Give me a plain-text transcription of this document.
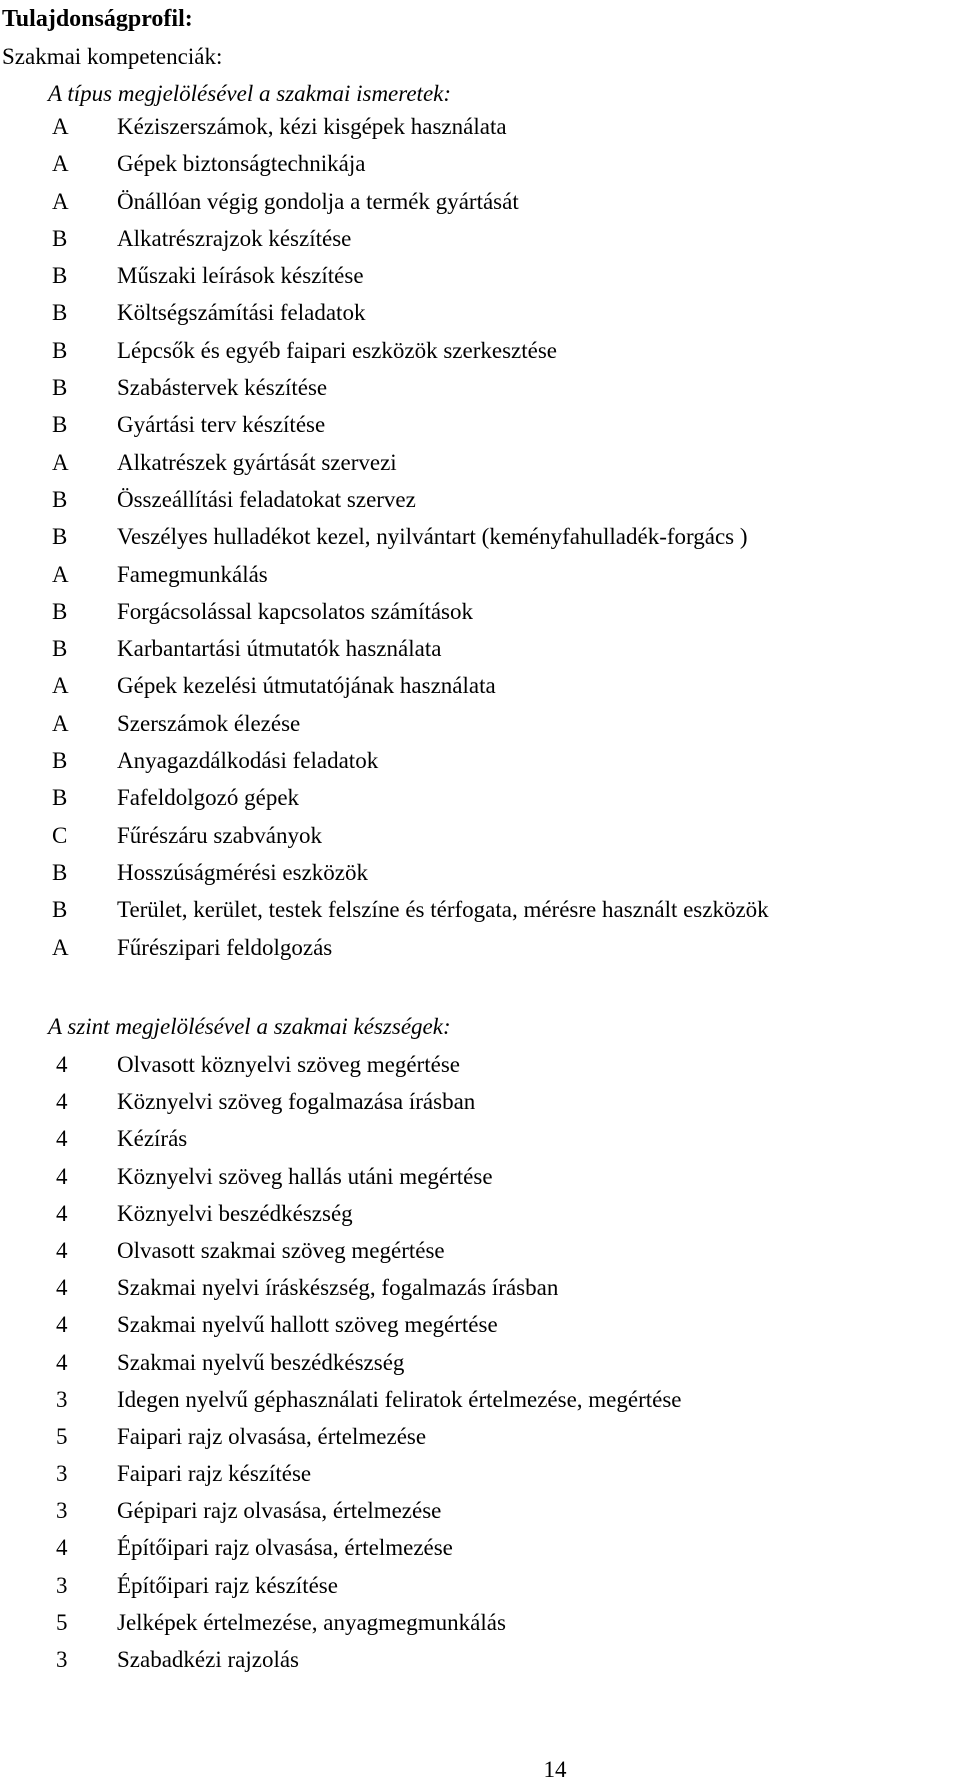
Tulajdonságprofil:
Szakmai kompetenciák:
A típus megjelölésével a szakmai ismeretek:
A	Kéziszerszámok, kézi kisgépek használata
A	Gépek biztonságtechnikája
A	Önállóan végig gondolja a termék gyártását
B	Alkatrészrajzok készítése
B	Műszaki leírások készítése
B	Költségszámítási feladatok
B	Lépcsők és egyéb faipari eszközök szerkesztése
B	Szabástervek készítése
B	Gyártási terv készítése
A	Alkatrészek gyártását szervezi
B	Összeállítási feladatokat szervez
B	Veszélyes hulladékot kezel, nyilvántart (keményfahulladék-forgács )
A	Famegmunkálás
B	Forgácsolással kapcsolatos számítások
B	Karbantartási útmutatók használata
A	Gépek kezelési útmutatójának használata
A	Szerszámok élezése
B	Anyagazdálkodási feladatok
B	Fafeldolgozó gépek
C	Fűrészáru szabványok
B	Hosszúságmérési eszközök
B	Terület, kerület, testek felszíne és térfogata, mérésre használt eszközök
A	Fűrészipari feldolgozás
A szint megjelölésével a szakmai készségek:
4	Olvasott köznyelvi szöveg megértése
4	Köznyelvi szöveg fogalmazása írásban
4	Kézírás
4	Köznyelvi szöveg hallás utáni megértése
4	Köznyelvi beszédkészség
4	Olvasott szakmai szöveg megértése
4	Szakmai nyelvi íráskészség, fogalmazás írásban
4	Szakmai nyelvű hallott szöveg megértése
4	Szakmai nyelvű beszédkészség
3	Idegen nyelvű géphasználati feliratok értelmezése, megértése
5	Faipari rajz olvasása, értelmezése
3	Faipari rajz készítése
3	Gépipari rajz olvasása, értelmezése
4	Építőipari rajz olvasása, értelmezése
3	Építőipari rajz készítése
5	Jelképek értelmezése, anyagmegmunkálás
3	Szabadkézi rajzolás
14
